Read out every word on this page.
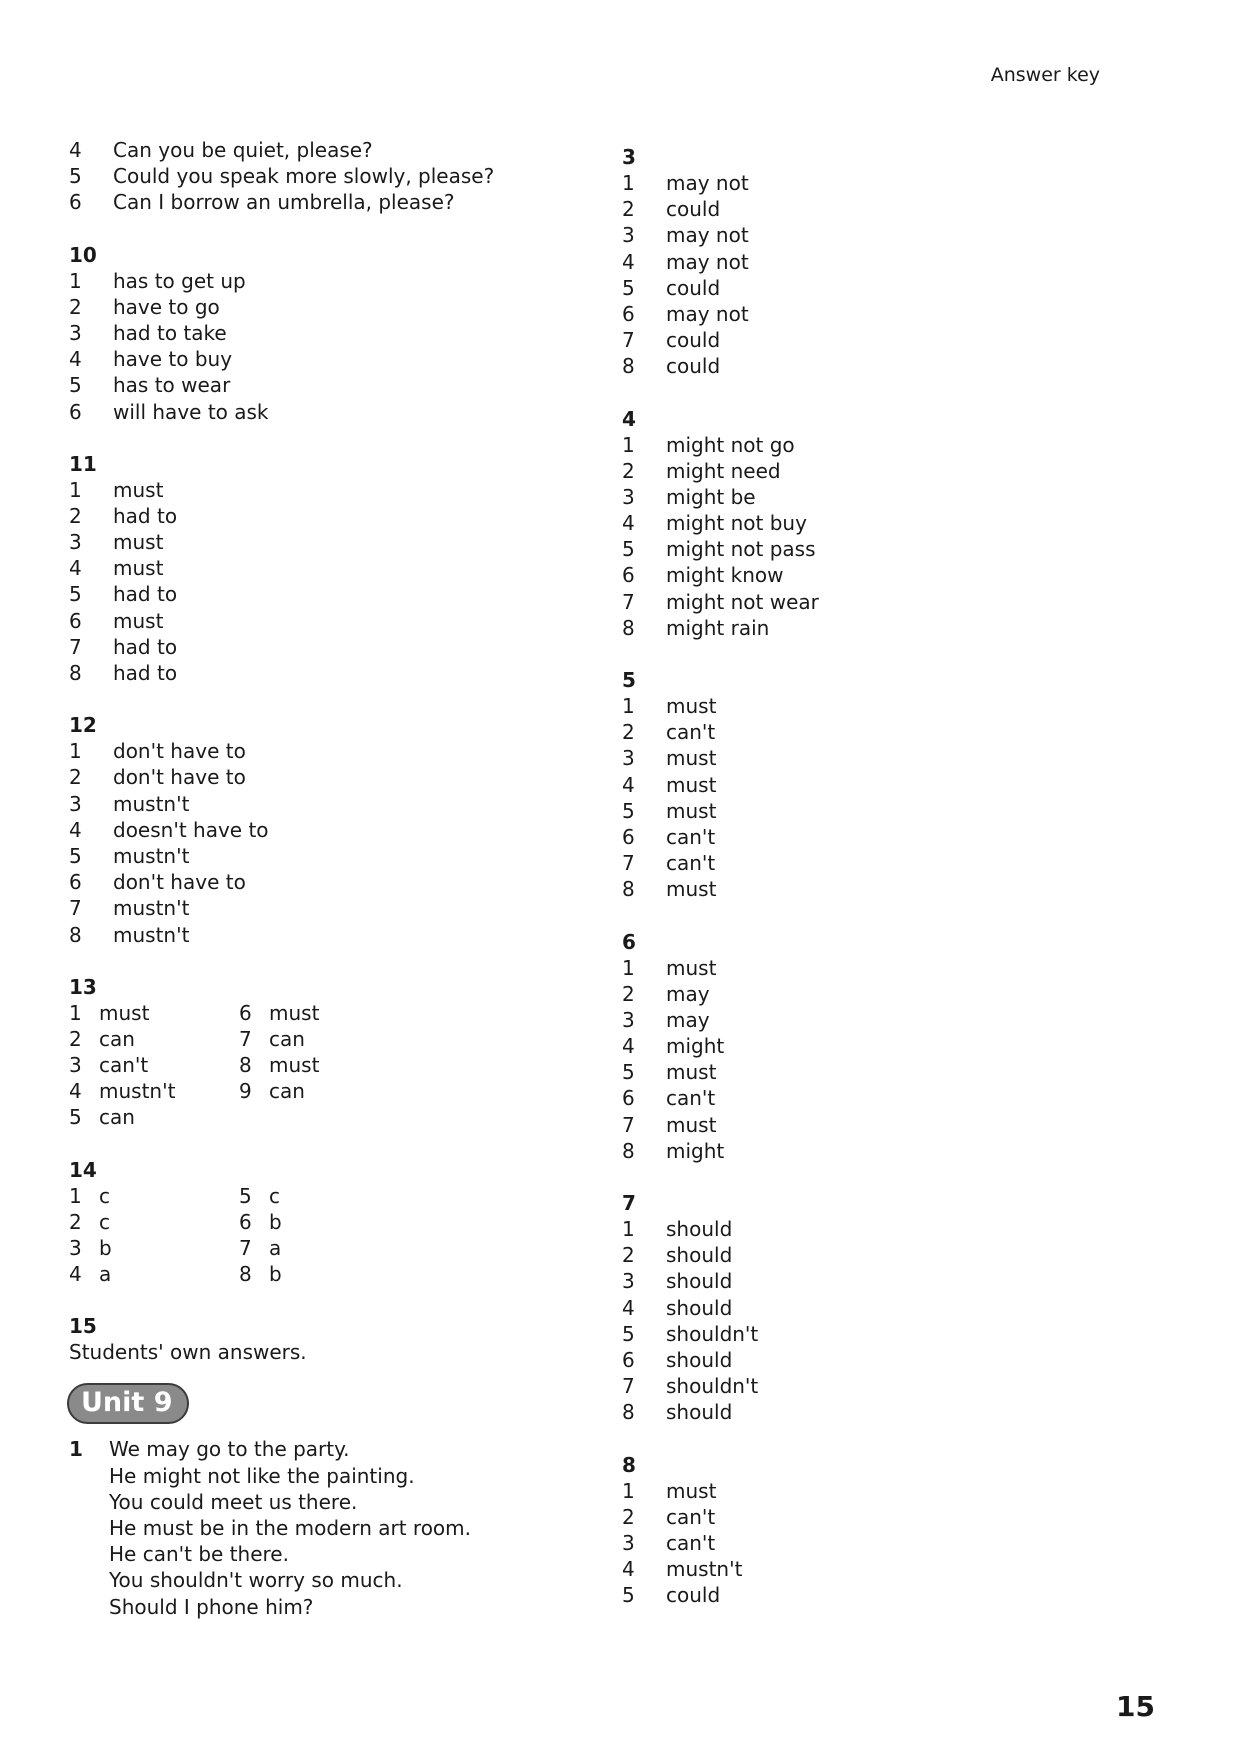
Answer key
4	Can you be quiet, please?
5	Could you speak more slowly, please?
6	Can I borrow an umbrella, please?
10
1	has to get up
2	have to go
3	had to take
4	have to buy
5	has to wear
6	will have to ask
11
1	must
2	had to
3	must
4	must
5	had to
6	must
7	had to
8	had to
12
1	don't have to
2	don't have to
3	mustn't
4	doesn't have to
5	mustn't
6	don't have to
7	mustn't
8	mustn't
13
1 must	6 must
2 can	7 can
3 can't	8 must
4 mustn't	9 can
5 can
14
1 c	5 c
2 c	6 b
3 b	7 a
4 a	8 b
15
Students' own answers.
Unit 9
1	We may go to the party.
He might not like the painting.
You could meet us there.
He must be in the modern art room.
He can't be there.
You shouldn't worry so much.
Should I phone him?
3
1	may not
2	could
3	may not
4	may not
5	could
6	may not
7	could
8	could
4
1	might not go
2	might need
3	might be
4	might not buy
5	might not pass
6	might know
7	might not wear
8	might rain
5
1	must
2	can't
3	must
4	must
5	must
6	can't
7	can't
8	must
6
1	must
2	may
3	may
4	might
5	must
6	can't
7	must
8	might
7
1	should
2	should
3	should
4	should
5	shouldn't
6	should
7	shouldn't
8	should
8
1	must
2	can't
3	can't
4	mustn't
5	could
15
